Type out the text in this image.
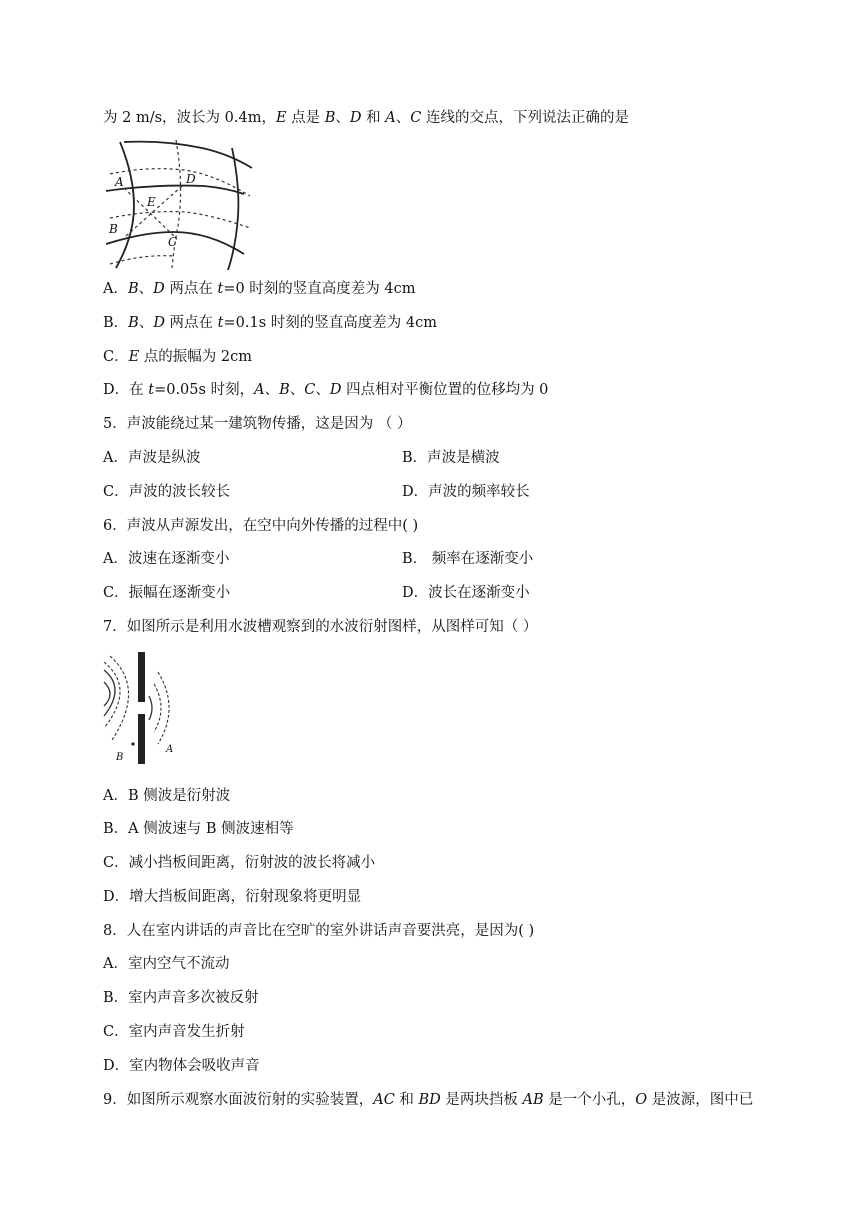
为 2 m/s，波长为 0.4m，E 点是 B、D 和 A、C 连线的交点，下列说法正确的是
A
B
C
D
E
A．B、D 两点在 t=0 时刻的竖直高度差为 4cm
B．B、D 两点在 t=0.1s 时刻的竖直高度差为 4cm
C．E 点的振幅为 2cm
D．在 t=0.05s 时刻，A、B、C、D 四点相对平衡位置的位移均为 0
5．声波能绕过某一建筑物传播，这是因为 （ ）
A．声波是纵波	B．声波是横波
C．声波的波长较长	D．声波的频率较长
6．声波从声源发出，在空中向外传播的过程中( )
A．波速在逐渐变小	B． 频率在逐渐变小
C．振幅在逐渐变小	D．波长在逐渐变小
7．如图所示是利用水波槽观察到的水波衍射图样，从图样可知（ ）
B
A
A．B 侧波是衍射波
B．A 侧波速与 B 侧波速相等
C．减小挡板间距离，衍射波的波长将减小
D．增大挡板间距离，衍射现象将更明显
8．人在室内讲话的声音比在空旷的室外讲话声音要洪亮，是因为( )
A．室内空气不流动
B．室内声音多次被反射
C．室内声音发生折射
D．室内物体会吸收声音
9．如图所示观察水面波衍射的实验装置，AC 和 BD 是两块挡板 AB 是一个小孔，O 是波源，图中已
